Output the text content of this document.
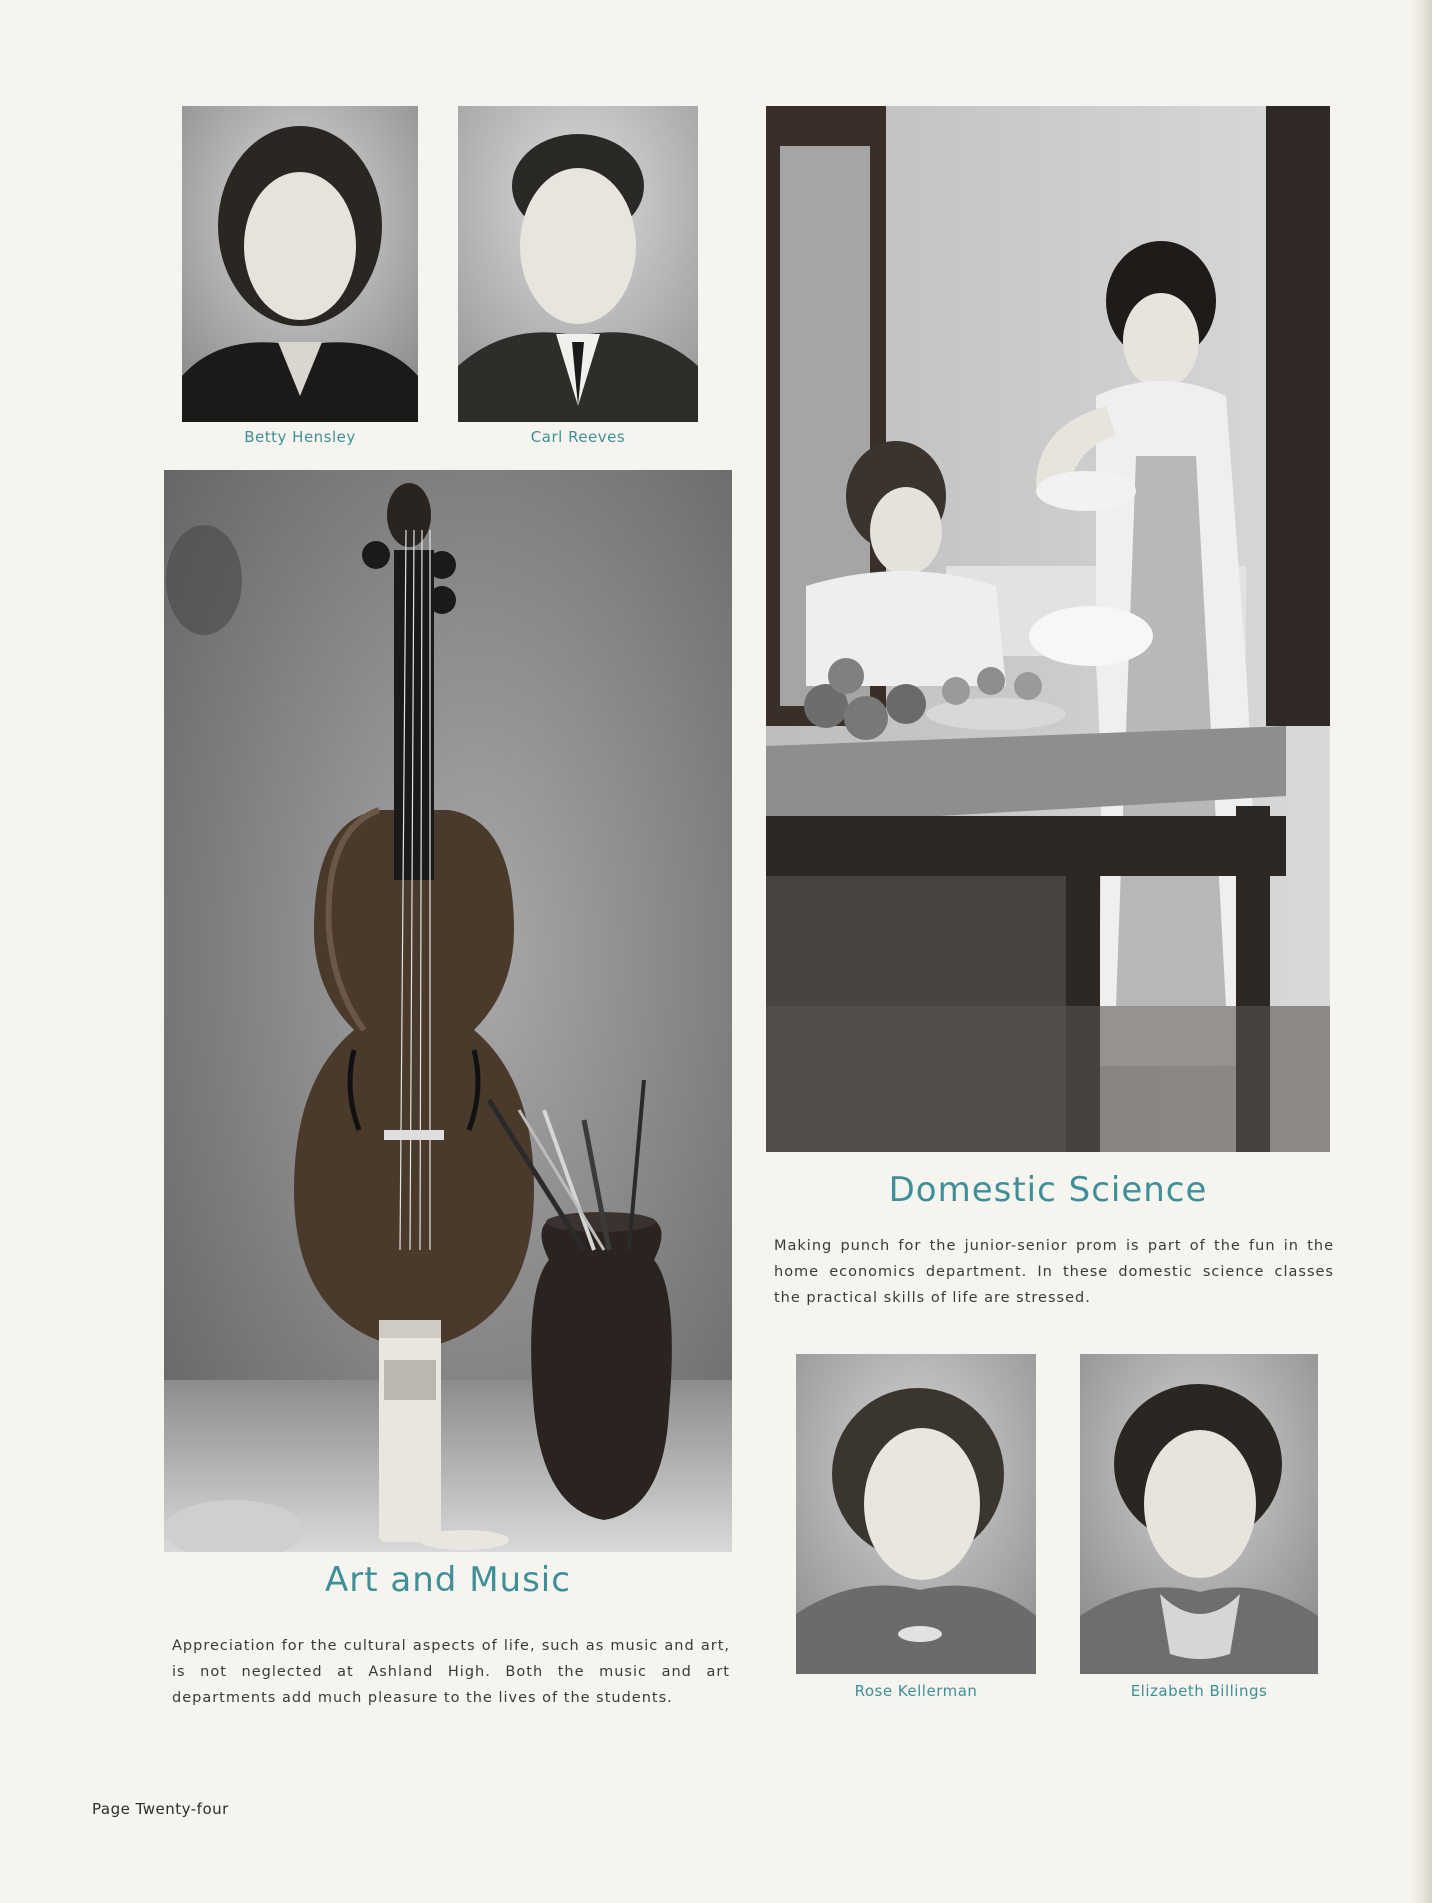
Betty Hensley	Carl Reeves
Art and Music
Appreciation for the cultural aspects of life, such as music and art, is not neglected at Ashland High. Both the music and art departments add much pleasure to the lives of the students.
Domestic Science
Making punch for the junior-senior prom is part of the fun in the home economics department. In these domestic science classes the practical skills of life are stressed.
Rose Kellerman	Elizabeth Billings
Page Twenty-four
